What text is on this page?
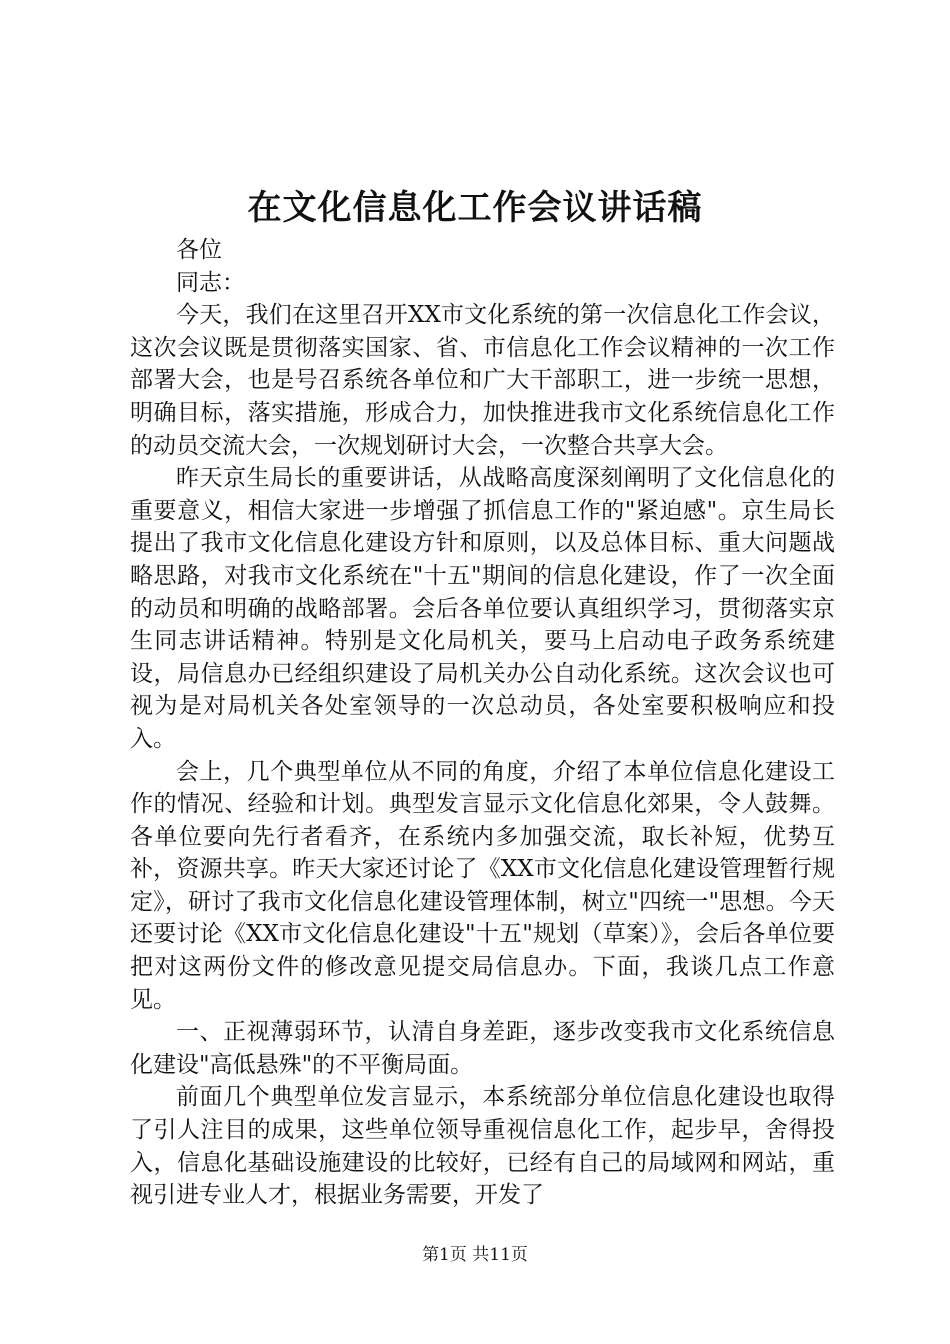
在文化信息化工作会议讲话稿

各位

同志：

今天，我们在这里召开XX市文化系统的第一次信息化工作会议，这次会议既是贯彻落实国家、省、市信息化工作会议精神的一次工作部署大会，也是号召系统各单位和广大干部职工，进一步统一思想，明确目标，落实措施，形成合力，加快推进我市文化系统信息化工作的动员交流大会，一次规划研讨大会，一次整合共享大会。

昨天京生局长的重要讲话，从战略高度深刻阐明了文化信息化的重要意义，相信大家进一步增强了抓信息工作的"紧迫感"。京生局长提出了我市文化信息化建设方针和原则，以及总体目标、重大问题战略思路，对我市文化系统在"十五"期间的信息化建设，作了一次全面的动员和明确的战略部署。会后各单位要认真组织学习，贯彻落实京生同志讲话精神。特别是文化局机关，要马上启动电子政务系统建设，局信息办已经组织建设了局机关办公自动化系统。这次会议也可视为是对局机关各处室领导的一次总动员，各处室要积极响应和投入。

会上，几个典型单位从不同的角度，介绍了本单位信息化建设工作的情况、经验和计划。典型发言显示文化信息化郊果，令人鼓舞。各单位要向先行者看齐，在系统内多加强交流，取长补短，优势互补，资源共享。昨天大家还讨论了《XX市文化信息化建设管理暂行规定》，研讨了我市文化信息化建设管理体制，树立"四统一"思想。今天还要讨论《XX市文化信息化建设"十五"规划（草案）》，会后各单位要把对这两份文件的修改意见提交局信息办。下面，我谈几点工作意见。

一、正视薄弱环节，认清自身差距，逐步改变我市文化系统信息化建设"高低悬殊"的不平衡局面。

前面几个典型单位发言显示，本系统部分单位信息化建设也取得了引人注目的成果，这些单位领导重视信息化工作，起步早，舍得投入，信息化基础设施建设的比较好，已经有自己的局域网和网站，重视引进专业人才，根据业务需要，开发了

第1页 共11页
